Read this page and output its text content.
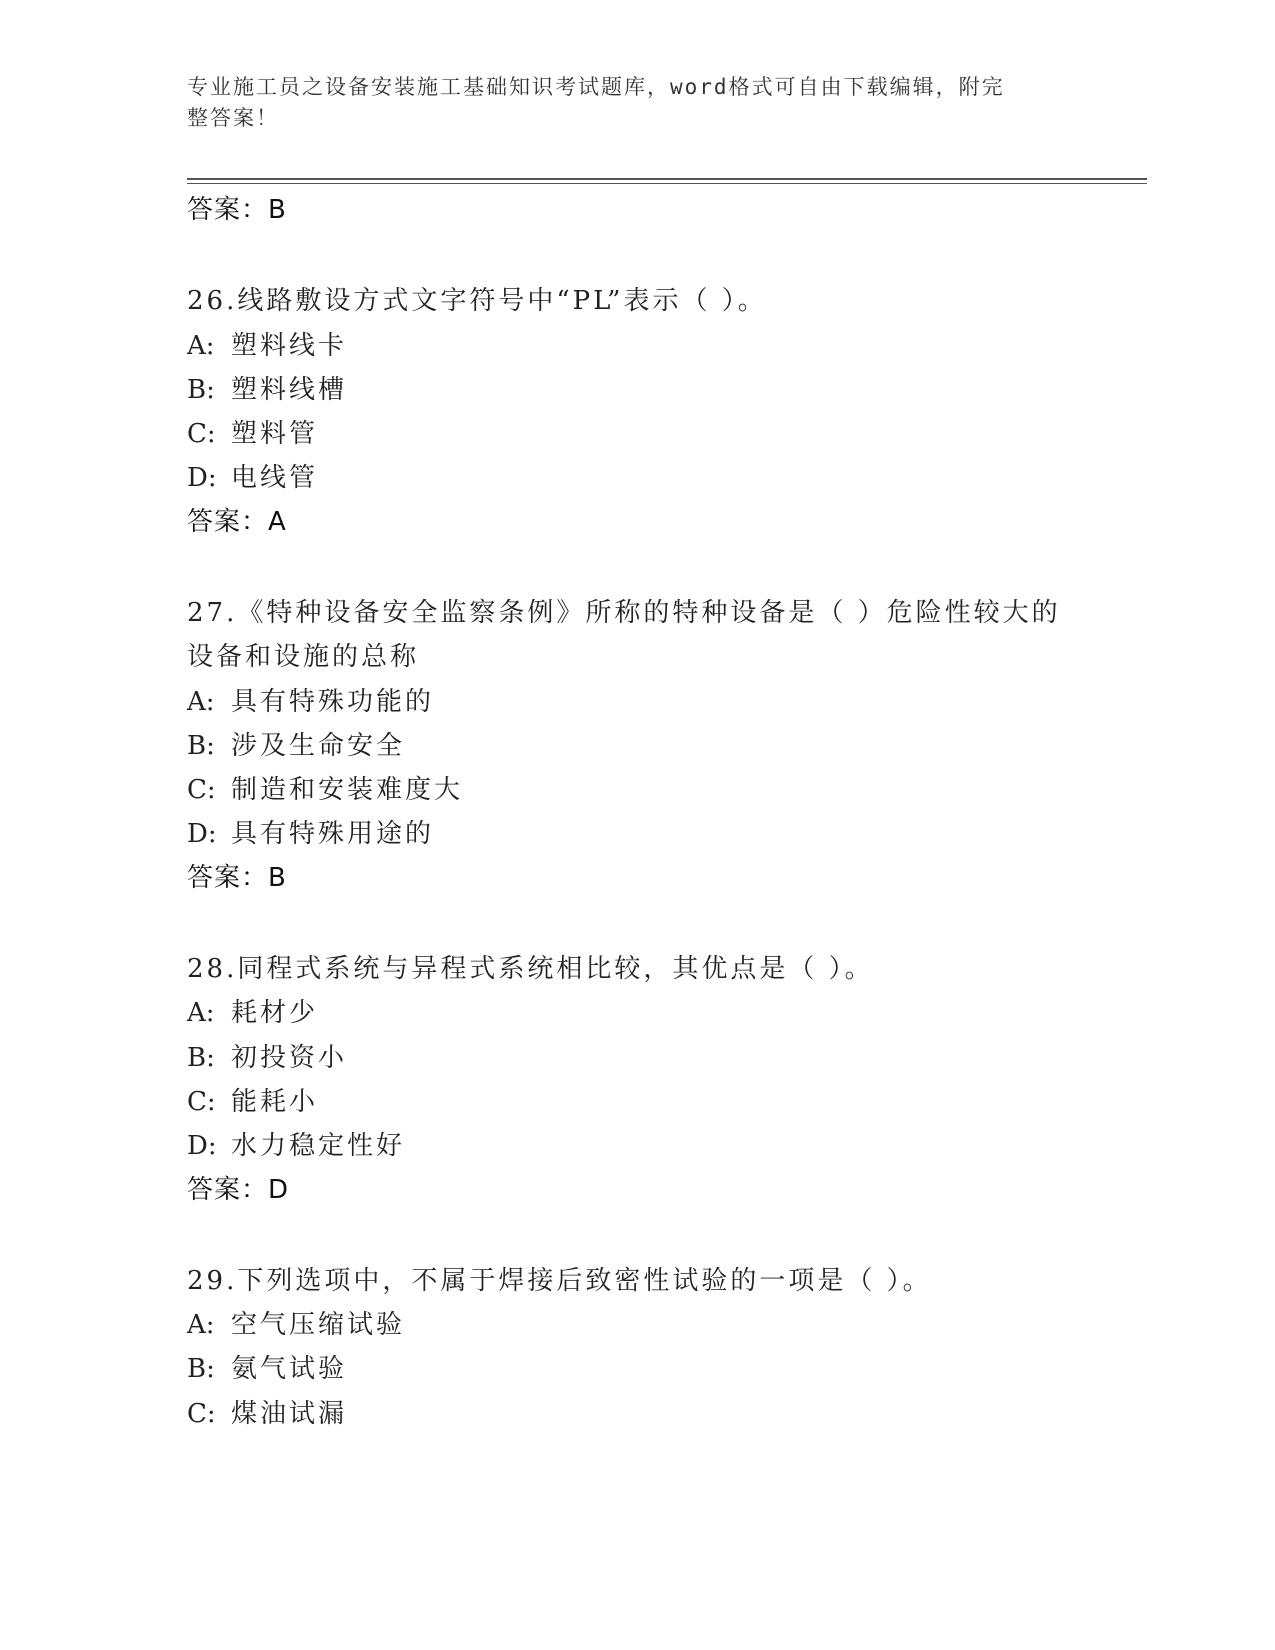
专业施工员之设备安装施工基础知识考试题库，word格式可自由下载编辑，附完
整答案！
答案：B
26.线路敷设方式文字符号中“PL”表示（ ）。
A: 塑料线卡
B: 塑料线槽
C: 塑料管
D: 电线管
答案：A
27.《特种设备安全监察条例》所称的特种设备是（ ）危险性较大的
设备和设施的总称
A: 具有特殊功能的
B: 涉及生命安全
C: 制造和安装难度大
D: 具有特殊用途的
答案：B
28.同程式系统与异程式系统相比较，其优点是（ ）。
A: 耗材少
B: 初投资小
C: 能耗小
D: 水力稳定性好
答案：D
29.下列选项中，不属于焊接后致密性试验的一项是（ ）。
A: 空气压缩试验
B: 氨气试验
C: 煤油试漏
